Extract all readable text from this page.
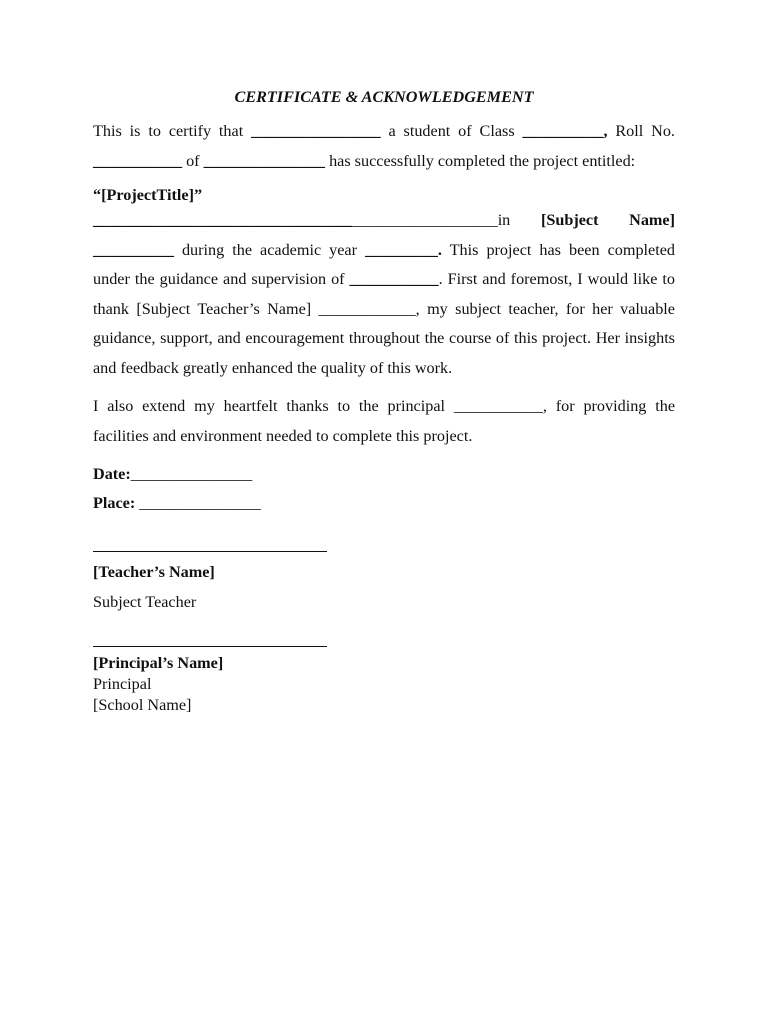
CERTIFICATE & ACKNOWLEDGEMENT

This is to certify that ________________ a student of Class __________, Roll No. ___________ of _______________ has successfully completed the project entitled:

“[ProjectTitle]”

__________________________________________________in [Subject Name] __________ during the academic year _________. This project has been completed under the guidance and supervision of ___________. First and foremost, I would like to thank [Subject Teacher’s Name] ____________, my subject teacher, for her valuable guidance, support, and encouragement throughout the course of this project. Her insights and feedback greatly enhanced the quality of this work.

I also extend my heartfelt thanks to the principal ___________, for providing the facilities and environment needed to complete this project.

Date:_______________
Place: _______________
[Teacher’s Name]
Subject Teacher
[Principal’s Name]
Principal
[School Name]
